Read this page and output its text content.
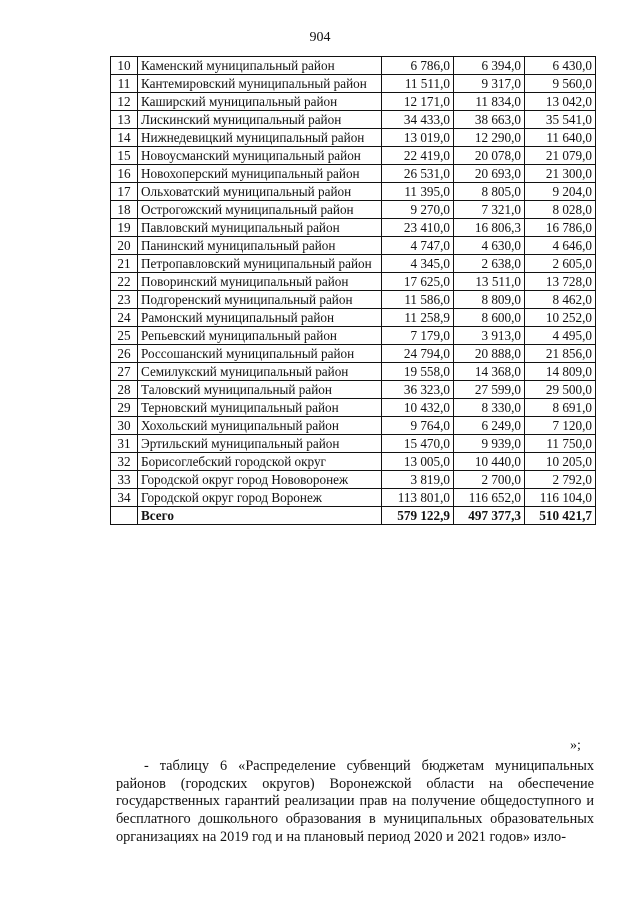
904
10	Каменский муниципальный район	6 786,0	6 394,0	6 430,0
11	Кантемировский муниципальный район	11 511,0	9 317,0	9 560,0
12	Каширский муниципальный район	12 171,0	11 834,0	13 042,0
13	Лискинский муниципальный район	34 433,0	38 663,0	35 541,0
14	Нижнедевицкий муниципальный район	13 019,0	12 290,0	11 640,0
15	Новоусманский муниципальный район	22 419,0	20 078,0	21 079,0
16	Новохоперский муниципальный район	26 531,0	20 693,0	21 300,0
17	Ольховатский муниципальный район	11 395,0	8 805,0	9 204,0
18	Острогожский муниципальный район	9 270,0	7 321,0	8 028,0
19	Павловский муниципальный район	23 410,0	16 806,3	16 786,0
20	Панинский муниципальный район	4 747,0	4 630,0	4 646,0
21	Петропавловский муниципальный район	4 345,0	2 638,0	2 605,0
22	Поворинский муниципальный район	17 625,0	13 511,0	13 728,0
23	Подгоренский муниципальный район	11 586,0	8 809,0	8 462,0
24	Рамонский муниципальный район	11 258,9	8 600,0	10 252,0
25	Репьевский муниципальный район	7 179,0	3 913,0	4 495,0
26	Россошанский муниципальный район	24 794,0	20 888,0	21 856,0
27	Семилукский муниципальный район	19 558,0	14 368,0	14 809,0
28	Таловский муниципальный район	36 323,0	27 599,0	29 500,0
29	Терновский муниципальный район	10 432,0	8 330,0	8 691,0
30	Хохольский муниципальный район	9 764,0	6 249,0	7 120,0
31	Эртильский муниципальный район	15 470,0	9 939,0	11 750,0
32	Борисоглебский городской округ	13 005,0	10 440,0	10 205,0
33	Городской округ город Нововоронеж	3 819,0	2 700,0	2 792,0
34	Городской округ город Воронеж	113 801,0	116 652,0	116 104,0
	Всего	579 122,9	497 377,3	510 421,7
»;
- таблицу 6 «Распределение субвенций бюджетам муниципальных районов (городских округов) Воронежской области на обеспечение государственных гарантий реализации прав на получение общедоступного и бесплатного дошкольного образования в муниципальных образовательных организациях на 2019 год и на плановый период 2020 и 2021 годов» изло-
